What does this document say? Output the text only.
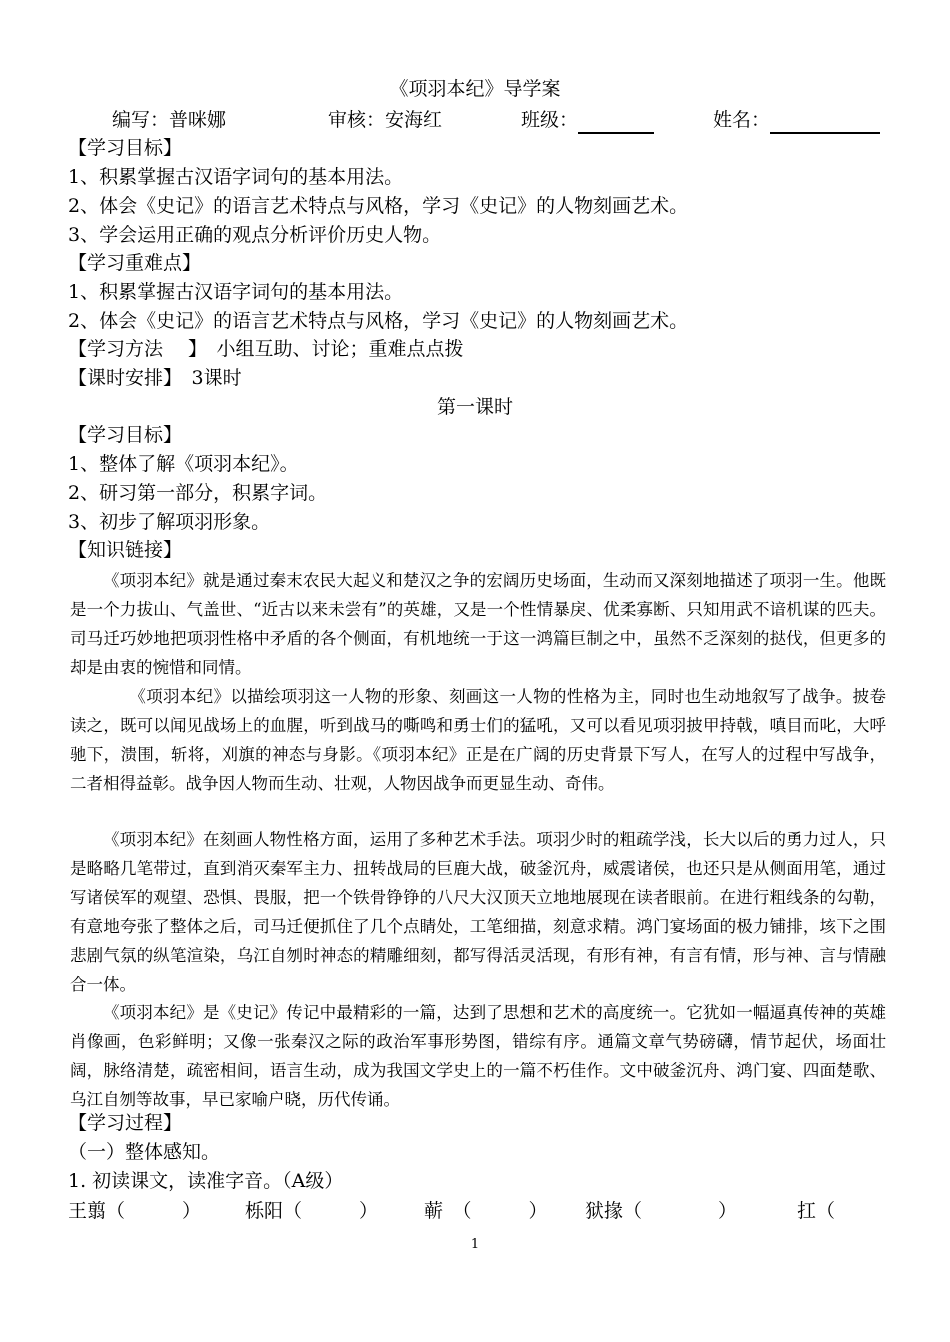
《项羽本纪》导学案
编写：普咪娜	审核：安海红	班级：	姓名：
【学习目标】
1、积累掌握古汉语字词句的基本用法。
2、体会《史记》的语言艺术特点与风格，学习《史记》的人物刻画艺术。
3、学会运用正确的观点分析评价历史人物。
【学习重难点】
1、积累掌握古汉语字词句的基本用法。
2、体会《史记》的语言艺术特点与风格，学习《史记》的人物刻画艺术。
【学习方法　 】　小组互助、讨论；重难点点拨
【课时安排】　3课时
第一课时
【学习目标】
1、整体了解《项羽本纪》。
2、研习第一部分，积累字词。
3、初步了解项羽形象。
【知识链接】
《项羽本纪》就是通过秦末农民大起义和楚汉之争的宏阔历史场面，生动而又深刻地描述了项羽一生。他既是一个力拔山、气盖世、“近古以来未尝有”的英雄，又是一个性情暴戾、优柔寡断、只知用武不谙机谋的匹夫。司马迁巧妙地把项羽性格中矛盾的各个侧面，有机地统一于这一鸿篇巨制之中，虽然不乏深刻的挞伐，但更多的却是由衷的惋惜和同情。
《项羽本纪》以描绘项羽这一人物的形象、刻画这一人物的性格为主，同时也生动地叙写了战争。披卷读之，既可以闻见战场上的血腥，听到战马的嘶鸣和勇士们的猛吼，又可以看见项羽披甲持戟，嗔目而叱，大呼驰下，溃围，斩将，刈旗的神态与身影。《项羽本纪》正是在广阔的历史背景下写人，在写人的过程中写战争，二者相得益彰。战争因人物而生动、壮观，人物因战争而更显生动、奇伟。
《项羽本纪》在刻画人物性格方面，运用了多种艺术手法。项羽少时的粗疏学浅，长大以后的勇力过人，只是略略几笔带过，直到消灭秦军主力、扭转战局的巨鹿大战，破釜沉舟，威震诸侯，也还只是从侧面用笔，通过写诸侯军的观望、恐惧、畏服，把一个铁骨铮铮的八尺大汉顶天立地地展现在读者眼前。在进行粗线条的勾勒，有意地夸张了整体之后，司马迁便抓住了几个点睛处，工笔细描，刻意求精。鸿门宴场面的极力铺排，垓下之围悲剧气氛的纵笔渲染，乌江自刎时神态的精雕细刻，都写得活灵活现，有形有神，有言有情，形与神、言与情融合一体。
《项羽本纪》是《史记》传记中最精彩的一篇，达到了思想和艺术的高度统一。它犹如一幅逼真传神的英雄肖像画，色彩鲜明；又像一张秦汉之际的政治军事形势图，错综有序。通篇文章气势磅礴，情节起伏，场面壮阔，脉络清楚，疏密相间，语言生动，成为我国文学史上的一篇不朽佳作。文中破釜沉舟、鸿门宴、四面楚歌、乌江自刎等故事，早已家喻户晓，历代传诵。
【学习过程】
（一）整体感知。
1. 初读课文，读准字音。（A级）
王翦（　　　） 栎阳（　　　） 蕲　（　　　） 狱掾（　　　　）	扛（
1
